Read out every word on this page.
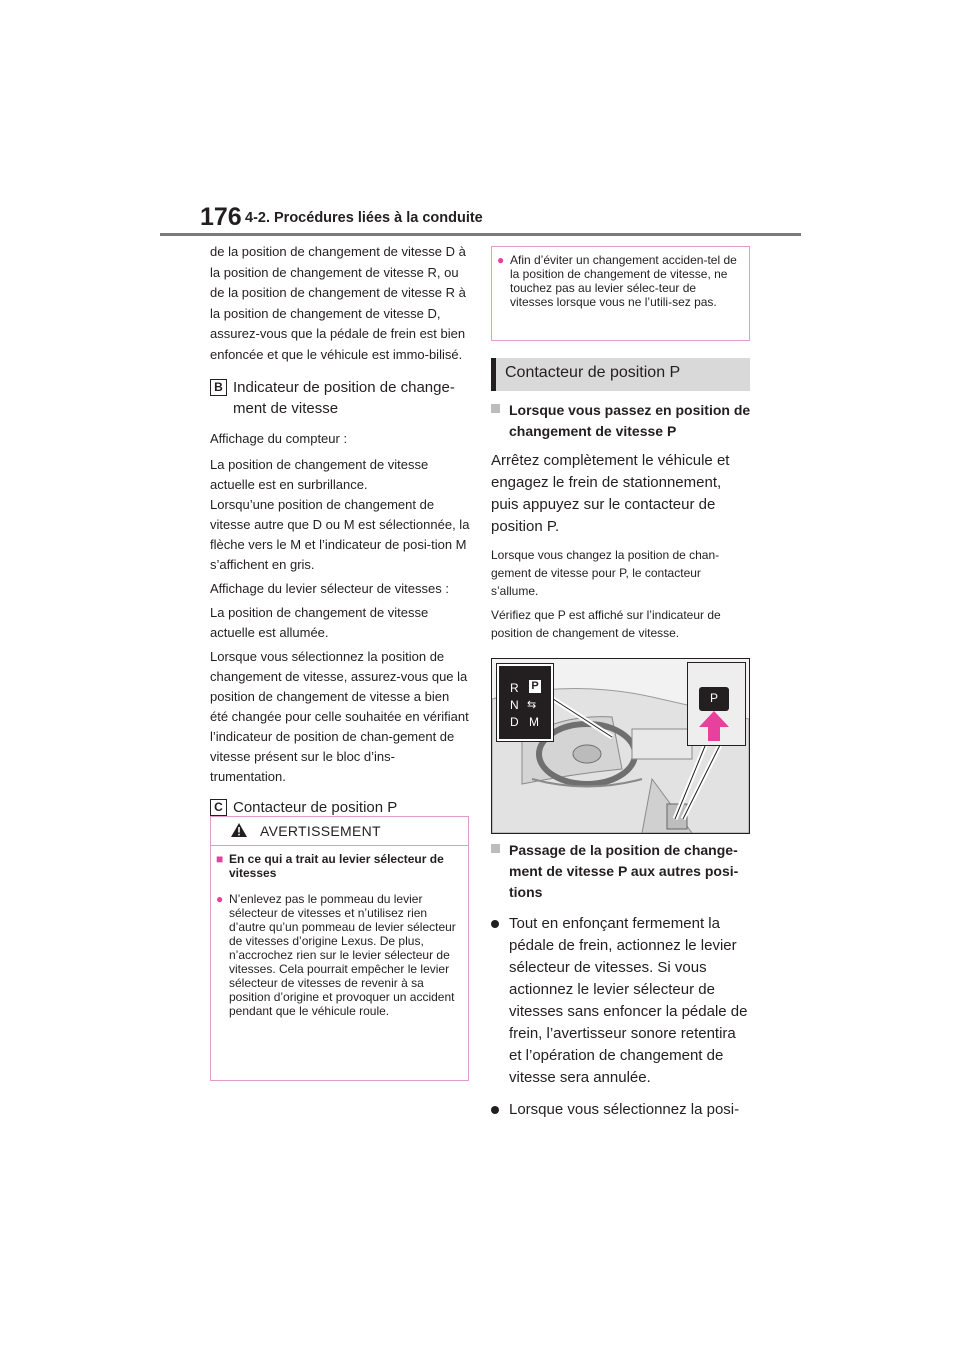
176 4-2. Procédures liées à la conduite

de la position de changement de vitesse D à la position de changement de vitesse R, ou de la position de changement de vitesse R à la position de changement de vitesse D, assurez-vous que la pédale de frein est bien enfoncée et que le véhicule est immo-bilisé.

B Indicateur de position de change-
ment de vitesse

Affichage du compteur :

La position de changement de vitesse actuelle est en surbrillance.

Lorsqu’une position de changement de vitesse autre que D ou M est sélectionnée, la flèche vers le M et l’indicateur de posi-tion M s’affichent en gris.

Affichage du levier sélecteur de vitesses :

La position de changement de vitesse actuelle est allumée.

Lorsque vous sélectionnez la position de changement de vitesse, assurez-vous que la position de changement de vitesse a bien été changée pour celle souhaitée en vérifiant l’indicateur de position de chan-gement de vitesse présent sur le bloc d’ins-trumentation.

C Contacteur de position P
AVERTISSEMENT
■ En ce qui a trait au levier sélecteur de vitesses
● N’enlevez pas le pommeau du levier sélecteur de vitesses et n’utilisez rien d’autre qu’un pommeau de levier sélecteur de vitesses d’origine Lexus. De plus, n’accrochez rien sur le levier sélecteur de vitesses. Cela pourrait empêcher le levier sélecteur de vitesses de revenir à sa position d’origine et provoquer un accident pendant que le véhicule roule.
● Afin d’éviter un changement acciden-tel de la position de changement de vitesse, ne touchez pas au levier sélec-teur de vitesses lorsque vous ne l’utili-sez pas.
Contacteur de position P
Lorsque vous passez en position de changement de vitesse P

Arrêtez complètement le véhicule et engagez le frein de stationnement, puis appuyez sur le contacteur de position P.

Lorsque vous changez la position de chan-gement de vitesse pour P, le contacteur s’allume.

Vérifiez que P est affiché sur l’indicateur de position de changement de vitesse.

R P
N ⇆
D M
P
Passage de la position de change-ment de vitesse P aux autres posi-tions
Tout en enfonçant fermement la pédale de frein, actionnez le levier sélecteur de vitesses. Si vous actionnez le levier sélecteur de vitesses sans enfoncer la pédale de frein, l’avertisseur sonore retentira et l’opération de changement de vitesse sera annulée.
Lorsque vous sélectionnez la posi-
